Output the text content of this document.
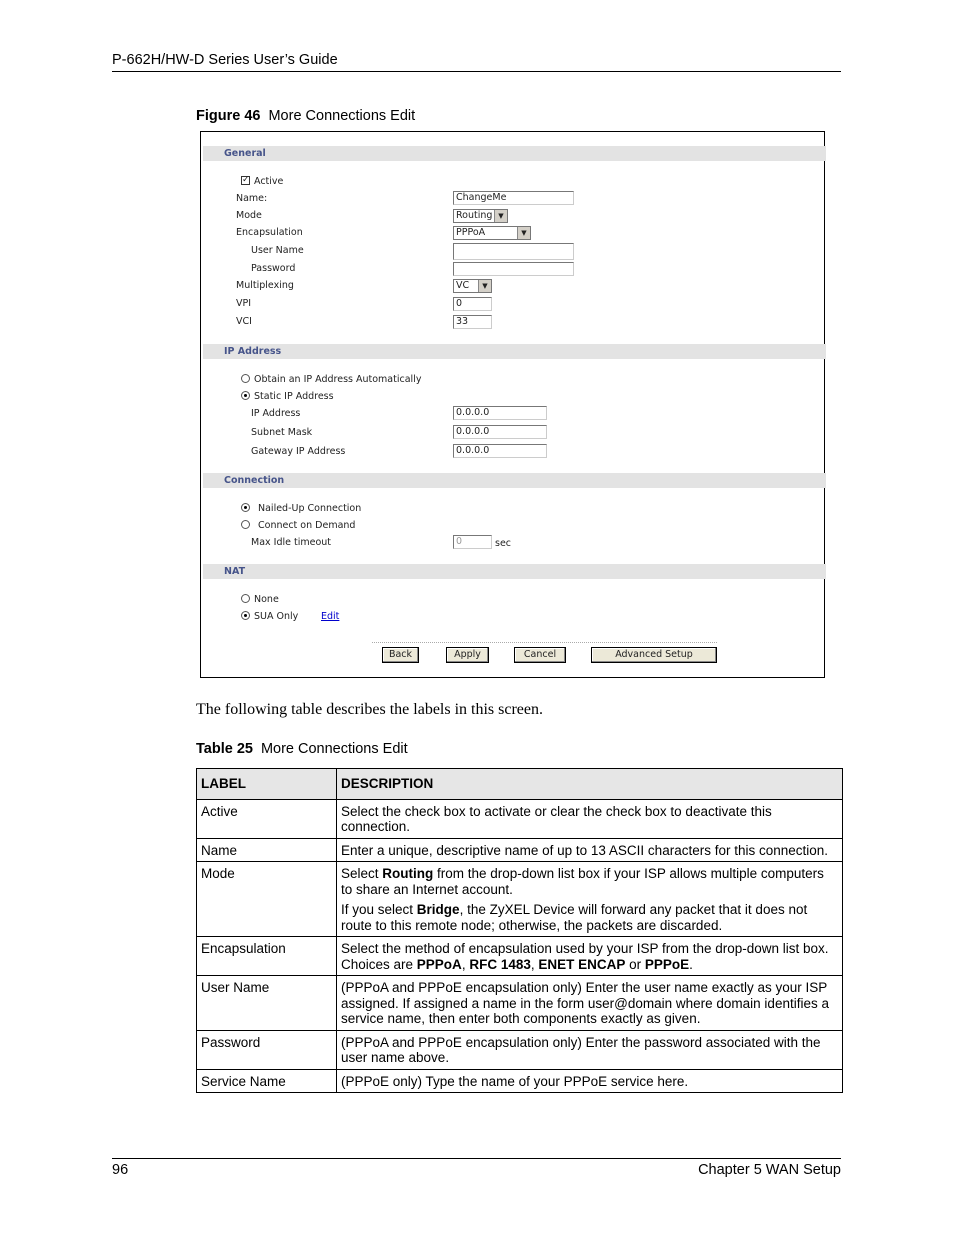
P-662H/HW-D Series User’s Guide
Figure 46 More Connections Edit
General
✓ Active
Name:	ChangeMe
Mode	Routing ▼
Encapsulation	PPPoA	▼
User Name
Password
Multiplexing	VC	▼
VPI	0
VCI	33
IP Address
Obtain an IP Address Automatically
Static IP Address
IP Address	0.0.0.0
Subnet Mask	0.0.0.0
Gateway IP Address	0.0.0.0
Connection
Nailed-Up Connection
Connect on Demand
Max Idle timeout	0	sec
NAT
None
SUA Only Edit
Back	Apply	Cancel	Advanced Setup
The following table describes the labels in this screen.
Table 25 More Connections Edit
LABEL	DESCRIPTION
Active	Select the check box to activate or clear the check box to deactivate this connection.
Name	Enter a unique, descriptive name of up to 13 ASCII characters for this connection.
Mode	Select Routing from the drop-down list box if your ISP allows multiple computers to share an Internet account.

If you select Bridge, the ZyXEL Device will forward any packet that it does not route to this remote node; otherwise, the packets are discarded.

Encapsulation	Select the method of encapsulation used by your ISP from the drop-down list box. Choices are PPPoA, RFC 1483, ENET ENCAP or PPPoE.
User Name	(PPPoA and PPPoE encapsulation only) Enter the user name exactly as your ISP assigned. If assigned a name in the form user@domain where domain identifies a service name, then enter both components exactly as given.
Password	(PPPoA and PPPoE encapsulation only) Enter the password associated with the user name above.
Service Name	(PPPoE only) Type the name of your PPPoE service here.
96	Chapter 5 WAN Setup
